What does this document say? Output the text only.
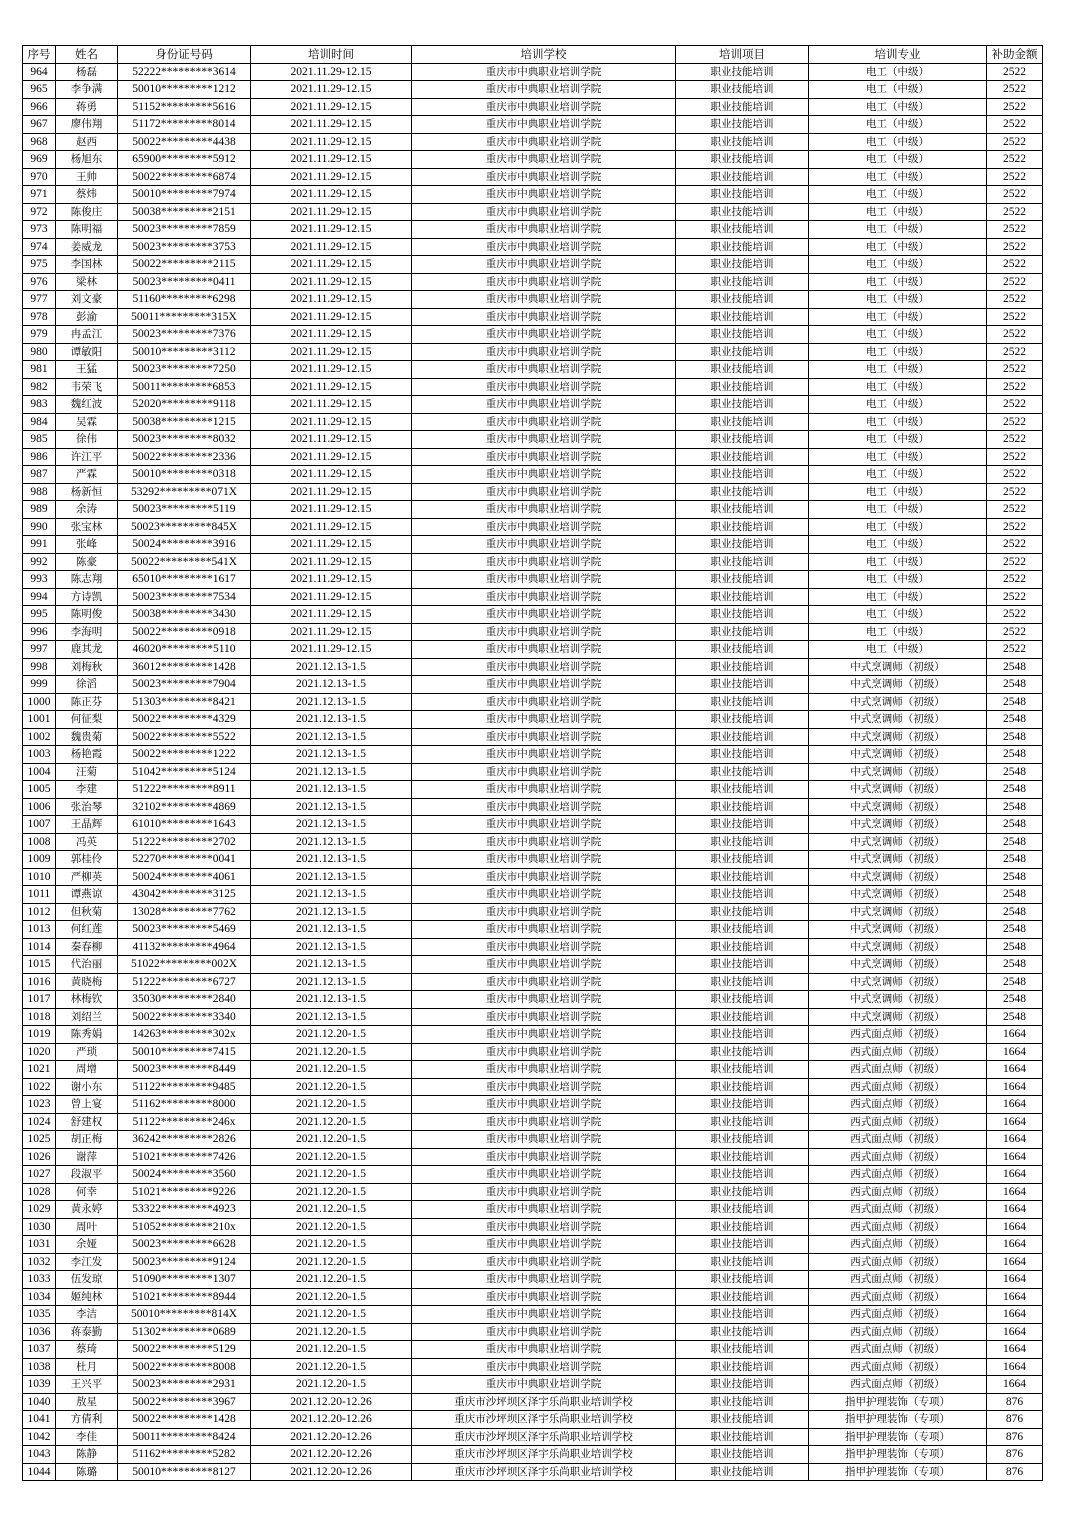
序号	姓名	身份证号码	培训时间	培训学校	培训项目	培训专业	补助金额
964	杨磊	52222*********3614	2021.11.29-12.15	重庆市中典职业培训学院	职业技能培训	电工（中级）	2522
965	李争满	50010*********1212	2021.11.29-12.15	重庆市中典职业培训学院	职业技能培训	电工（中级）	2522
966	蒋勇	51152*********5616	2021.11.29-12.15	重庆市中典职业培训学院	职业技能培训	电工（中级）	2522
967	廖伟翔	51172*********8014	2021.11.29-12.15	重庆市中典职业培训学院	职业技能培训	电工（中级）	2522
968	赵西	50022*********4438	2021.11.29-12.15	重庆市中典职业培训学院	职业技能培训	电工（中级）	2522
969	杨旭东	65900*********5912	2021.11.29-12.15	重庆市中典职业培训学院	职业技能培训	电工（中级）	2522
970	王帅	50022*********6874	2021.11.29-12.15	重庆市中典职业培训学院	职业技能培训	电工（中级）	2522
971	蔡炜	50010*********7974	2021.11.29-12.15	重庆市中典职业培训学院	职业技能培训	电工（中级）	2522
972	陈俊庄	50038*********2151	2021.11.29-12.15	重庆市中典职业培训学院	职业技能培训	电工（中级）	2522
973	陈明福	50023*********7859	2021.11.29-12.15	重庆市中典职业培训学院	职业技能培训	电工（中级）	2522
974	姜威龙	50023*********3753	2021.11.29-12.15	重庆市中典职业培训学院	职业技能培训	电工（中级）	2522
975	李国林	50022*********2115	2021.11.29-12.15	重庆市中典职业培训学院	职业技能培训	电工（中级）	2522
976	梁林	50023*********0411	2021.11.29-12.15	重庆市中典职业培训学院	职业技能培训	电工（中级）	2522
977	刘文豪	51160*********6298	2021.11.29-12.15	重庆市中典职业培训学院	职业技能培训	电工（中级）	2522
978	彭渝	50011*********315X	2021.11.29-12.15	重庆市中典职业培训学院	职业技能培训	电工（中级）	2522
979	冉孟江	50023*********7376	2021.11.29-12.15	重庆市中典职业培训学院	职业技能培训	电工（中级）	2522
980	谭敏阳	50010*********3112	2021.11.29-12.15	重庆市中典职业培训学院	职业技能培训	电工（中级）	2522
981	王猛	50023*********7250	2021.11.29-12.15	重庆市中典职业培训学院	职业技能培训	电工（中级）	2522
982	韦荣飞	50011*********6853	2021.11.29-12.15	重庆市中典职业培训学院	职业技能培训	电工（中级）	2522
983	魏红波	52020*********9118	2021.11.29-12.15	重庆市中典职业培训学院	职业技能培训	电工（中级）	2522
984	吴霖	50038*********1215	2021.11.29-12.15	重庆市中典职业培训学院	职业技能培训	电工（中级）	2522
985	徐伟	50023*********8032	2021.11.29-12.15	重庆市中典职业培训学院	职业技能培训	电工（中级）	2522
986	许江平	50022*********2336	2021.11.29-12.15	重庆市中典职业培训学院	职业技能培训	电工（中级）	2522
987	严霖	50010*********0318	2021.11.29-12.15	重庆市中典职业培训学院	职业技能培训	电工（中级）	2522
988	杨新恒	53292*********071X	2021.11.29-12.15	重庆市中典职业培训学院	职业技能培训	电工（中级）	2522
989	余涛	50023*********5119	2021.11.29-12.15	重庆市中典职业培训学院	职业技能培训	电工（中级）	2522
990	张宝林	50023*********845X	2021.11.29-12.15	重庆市中典职业培训学院	职业技能培训	电工（中级）	2522
991	张峰	50024*********3916	2021.11.29-12.15	重庆市中典职业培训学院	职业技能培训	电工（中级）	2522
992	陈豪	50022*********541X	2021.11.29-12.15	重庆市中典职业培训学院	职业技能培训	电工（中级）	2522
993	陈志翔	65010*********1617	2021.11.29-12.15	重庆市中典职业培训学院	职业技能培训	电工（中级）	2522
994	方诗凯	50023*********7534	2021.11.29-12.15	重庆市中典职业培训学院	职业技能培训	电工（中级）	2522
995	陈明俊	50038*********3430	2021.11.29-12.15	重庆市中典职业培训学院	职业技能培训	电工（中级）	2522
996	李海明	50022*********0918	2021.11.29-12.15	重庆市中典职业培训学院	职业技能培训	电工（中级）	2522
997	鹿其龙	46020*********5110	2021.11.29-12.15	重庆市中典职业培训学院	职业技能培训	电工（中级）	2522
998	刘梅秋	36012*********1428	2021.12.13-1.5	重庆市中典职业培训学院	职业技能培训	中式烹调师（初级）	2548
999	徐滔	50023*********7904	2021.12.13-1.5	重庆市中典职业培训学院	职业技能培训	中式烹调师（初级）	2548
1000	陈正芬	51303*********8421	2021.12.13-1.5	重庆市中典职业培训学院	职业技能培训	中式烹调师（初级）	2548
1001	何征梨	50022*********4329	2021.12.13-1.5	重庆市中典职业培训学院	职业技能培训	中式烹调师（初级）	2548
1002	魏贵菊	50022*********5522	2021.12.13-1.5	重庆市中典职业培训学院	职业技能培训	中式烹调师（初级）	2548
1003	杨艳霞	50022*********1222	2021.12.13-1.5	重庆市中典职业培训学院	职业技能培训	中式烹调师（初级）	2548
1004	汪菊	51042*********5124	2021.12.13-1.5	重庆市中典职业培训学院	职业技能培训	中式烹调师（初级）	2548
1005	李建	51222*********8911	2021.12.13-1.5	重庆市中典职业培训学院	职业技能培训	中式烹调师（初级）	2548
1006	张治琴	32102*********4869	2021.12.13-1.5	重庆市中典职业培训学院	职业技能培训	中式烹调师（初级）	2548
1007	王晶辉	61010*********1643	2021.12.13-1.5	重庆市中典职业培训学院	职业技能培训	中式烹调师（初级）	2548
1008	冯英	51222*********2702	2021.12.13-1.5	重庆市中典职业培训学院	职业技能培训	中式烹调师（初级）	2548
1009	郭桂伶	52270*********0041	2021.12.13-1.5	重庆市中典职业培训学院	职业技能培训	中式烹调师（初级）	2548
1010	严柳英	50024*********4061	2021.12.13-1.5	重庆市中典职业培训学院	职业技能培训	中式烹调师（初级）	2548
1011	谭燕谅	43042*********3125	2021.12.13-1.5	重庆市中典职业培训学院	职业技能培训	中式烹调师（初级）	2548
1012	但秋菊	13028*********7762	2021.12.13-1.5	重庆市中典职业培训学院	职业技能培训	中式烹调师（初级）	2548
1013	何红莲	50023*********5469	2021.12.13-1.5	重庆市中典职业培训学院	职业技能培训	中式烹调师（初级）	2548
1014	秦春柳	41132*********4964	2021.12.13-1.5	重庆市中典职业培训学院	职业技能培训	中式烹调师（初级）	2548
1015	代治丽	51022*********002X	2021.12.13-1.5	重庆市中典职业培训学院	职业技能培训	中式烹调师（初级）	2548
1016	黄晓梅	51222*********6727	2021.12.13-1.5	重庆市中典职业培训学院	职业技能培训	中式烹调师（初级）	2548
1017	林梅钦	35030*********2840	2021.12.13-1.5	重庆市中典职业培训学院	职业技能培训	中式烹调师（初级）	2548
1018	刘绍兰	50022*********3340	2021.12.13-1.5	重庆市中典职业培训学院	职业技能培训	中式烹调师（初级）	2548
1019	陈秀娟	14263*********302x	2021.12.20-1.5	重庆市中典职业培训学院	职业技能培训	西式面点师（初级）	1664
1020	严琐	50010*********7415	2021.12.20-1.5	重庆市中典职业培训学院	职业技能培训	西式面点师（初级）	1664
1021	周增	50023*********8449	2021.12.20-1.5	重庆市中典职业培训学院	职业技能培训	西式面点师（初级）	1664
1022	谢小东	51122*********9485	2021.12.20-1.5	重庆市中典职业培训学院	职业技能培训	西式面点师（初级）	1664
1023	曾上宴	51162*********8000	2021.12.20-1.5	重庆市中典职业培训学院	职业技能培训	西式面点师（初级）	1664
1024	舒建权	51122*********246x	2021.12.20-1.5	重庆市中典职业培训学院	职业技能培训	西式面点师（初级）	1664
1025	胡正梅	36242*********2826	2021.12.20-1.5	重庆市中典职业培训学院	职业技能培训	西式面点师（初级）	1664
1026	谢萍	51021*********7426	2021.12.20-1.5	重庆市中典职业培训学院	职业技能培训	西式面点师（初级）	1664
1027	段淑平	50024*********3560	2021.12.20-1.5	重庆市中典职业培训学院	职业技能培训	西式面点师（初级）	1664
1028	何幸	51021*********9226	2021.12.20-1.5	重庆市中典职业培训学院	职业技能培训	西式面点师（初级）	1664
1029	黄永婷	53322*********4923	2021.12.20-1.5	重庆市中典职业培训学院	职业技能培训	西式面点师（初级）	1664
1030	周叶	51052*********210x	2021.12.20-1.5	重庆市中典职业培训学院	职业技能培训	西式面点师（初级）	1664
1031	余娅	50023*********6628	2021.12.20-1.5	重庆市中典职业培训学院	职业技能培训	西式面点师（初级）	1664
1032	李江发	50023*********9124	2021.12.20-1.5	重庆市中典职业培训学院	职业技能培训	西式面点师（初级）	1664
1033	伍发琼	51090*********1307	2021.12.20-1.5	重庆市中典职业培训学院	职业技能培训	西式面点师（初级）	1664
1034	姬纯林	51021*********8944	2021.12.20-1.5	重庆市中典职业培训学院	职业技能培训	西式面点师（初级）	1664
1035	李洁	50010*********814X	2021.12.20-1.5	重庆市中典职业培训学院	职业技能培训	西式面点师（初级）	1664
1036	蒋泰勤	51302*********0689	2021.12.20-1.5	重庆市中典职业培训学院	职业技能培训	西式面点师（初级）	1664
1037	蔡琦	50022*********5129	2021.12.20-1.5	重庆市中典职业培训学院	职业技能培训	西式面点师（初级）	1664
1038	杜月	50022*********8008	2021.12.20-1.5	重庆市中典职业培训学院	职业技能培训	西式面点师（初级）	1664
1039	王兴平	50023*********2931	2021.12.20-1.5	重庆市中典职业培训学院	职业技能培训	西式面点师（初级）	1664
1040	敖星	50022*********3967	2021.12.20-12.26	重庆市沙坪坝区泽宇乐尚职业培训学校	职业技能培训	指甲护理装饰（专项）	876
1041	方倩利	50022*********1428	2021.12.20-12.26	重庆市沙坪坝区泽宇乐尚职业培训学校	职业技能培训	指甲护理装饰（专项）	876
1042	李佳	50011*********8424	2021.12.20-12.26	重庆市沙坪坝区泽宇乐尚职业培训学校	职业技能培训	指甲护理装饰（专项）	876
1043	陈静	51162*********5282	2021.12.20-12.26	重庆市沙坪坝区泽宇乐尚职业培训学校	职业技能培训	指甲护理装饰（专项）	876
1044	陈璐	50010*********8127	2021.12.20-12.26	重庆市沙坪坝区泽宇乐尚职业培训学校	职业技能培训	指甲护理装饰（专项）	876
